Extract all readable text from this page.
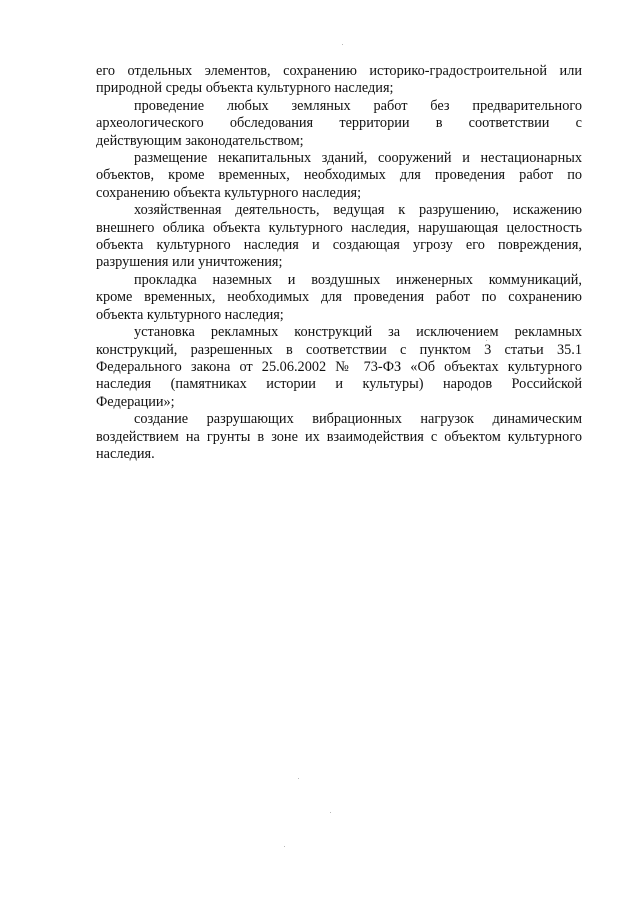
его отдельных элементов, сохранению историко-градостроительной или
природной среды объекта культурного наследия;

проведение любых земляных работ без предварительного
археологического обследования территории в соответствии с
действующим законодательством;

размещение некапитальных зданий, сооружений и нестационарных
объектов, кроме временных, необходимых для проведения работ по
сохранению объекта культурного наследия;

хозяйственная деятельность, ведущая к разрушению, искажению
внешнего облика объекта культурного наследия, нарушающая целостность
объекта культурного наследия и создающая угрозу его повреждения,
разрушения или уничтожения;

прокладка наземных и воздушных инженерных коммуникаций,
кроме временных, необходимых для проведения работ по сохранению
объекта культурного наследия;

установка рекламных конструкций за исключением рекламных
конструкций, разрешенных в соответствии с пунктом 3 статьи 35.1
Федерального закона от 25.06.2002 № 73-ФЗ «Об объектах культурного
наследия (памятниках истории и культуры) народов Российской
Федерации»;

создание разрушающих вибрационных нагрузок динамическим
воздействием на грунты в зоне их взаимодействия с объектом культурного
наследия.
